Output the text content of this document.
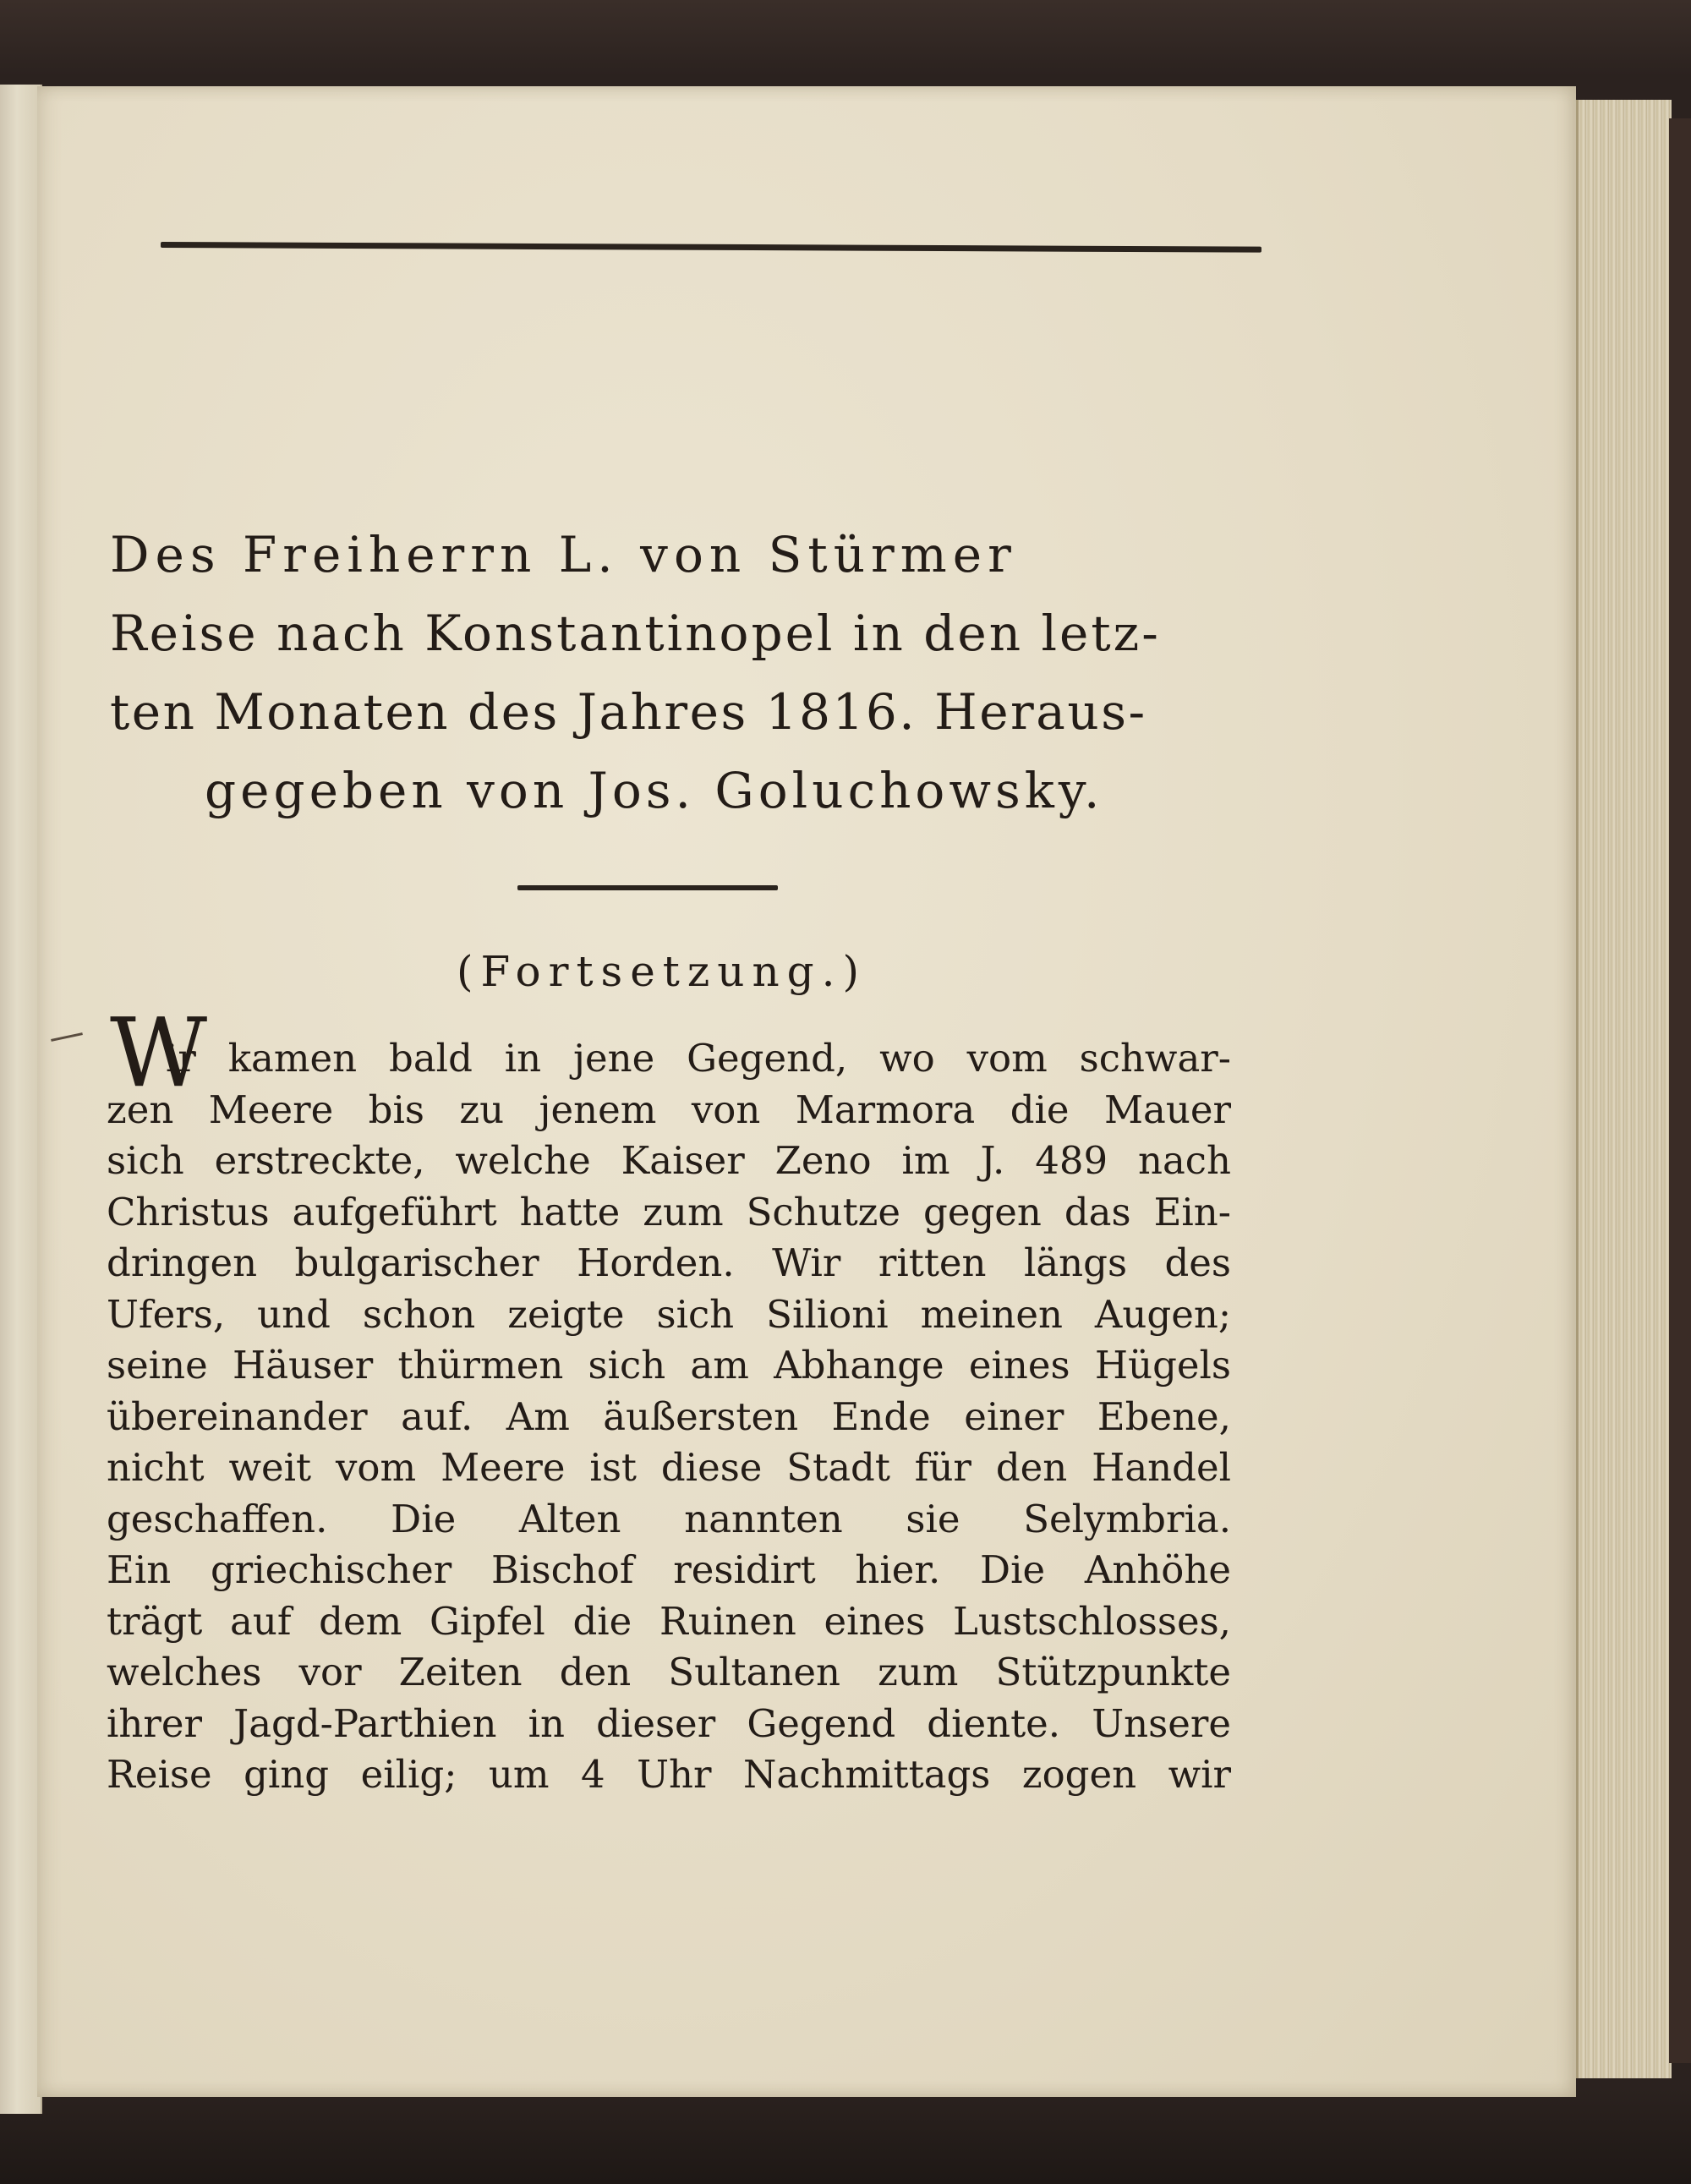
Des Freiherrn L. von Stürmer
Reise nach Konstantinopel in den letz-
ten Monaten des Jahres 1816. Heraus-
gegeben von Jos. Goluchowsky.
(Fortsetzung.)
W
ir kamen bald in jene Gegend, wo vom schwar-
zen Meere bis zu jenem von Marmora die Mauer
sich erstreckte, welche Kaiser Zeno im J. 489 nach
Christus aufgeführt hatte zum Schutze gegen das Ein-
dringen bulgarischer Horden. Wir ritten längs des
Ufers, und schon zeigte sich Silioni meinen Augen;
seine Häuser thürmen sich am Abhange eines Hügels
übereinander auf. Am äußersten Ende einer Ebene,
nicht weit vom Meere ist diese Stadt für den Handel
geschaffen. Die Alten nannten sie Selymbria.
Ein griechischer Bischof residirt hier. Die Anhöhe
trägt auf dem Gipfel die Ruinen eines Lustschlosses,
welches vor Zeiten den Sultanen zum Stützpunkte
ihrer Jagd-Parthien in dieser Gegend diente. Unsere
Reise ging eilig; um 4 Uhr Nachmittags zogen wir
